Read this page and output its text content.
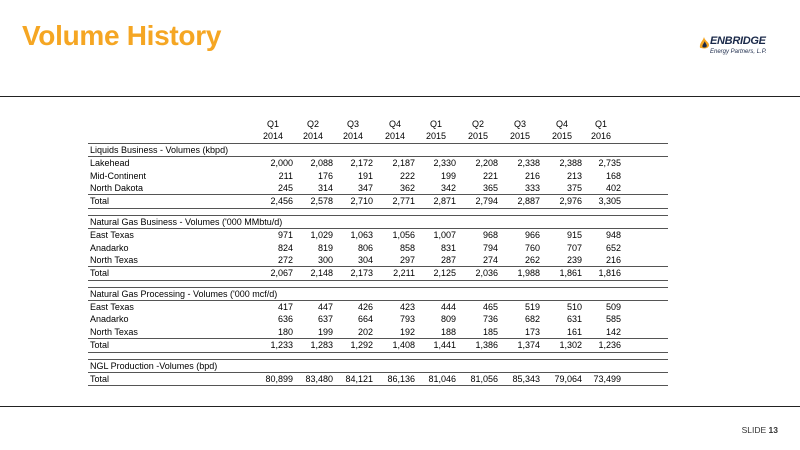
Volume History	ENBRIDGE
Energy Partners, L.P.
Q1	Q2	Q3	Q4	Q1	Q2	Q3	Q4	Q1
2014	2014	2014	2014	2015	2015	2015	2015	2016
Liquids Business - Volumes (kbpd)
Lakehead	2,000	2,088	2,172	2,187	2,330	2,208	2,338	2,388	2,735
Mid-Continent	211	176	191	222	199	221	216	213	168
North Dakota	245	314	347	362	342	365	333	375	402
Total	2,456	2,578	2,710	2,771	2,871	2,794	2,887	2,976	3,305
Natural Gas Business - Volumes ('000 MMbtu/d)
East Texas	971	1,029	1,063	1,056	1,007	968	966	915	948
Anadarko	824	819	806	858	831	794	760	707	652
North Texas	272	300	304	297	287	274	262	239	216
Total	2,067	2,148	2,173	2,211	2,125	2,036	1,988	1,861	1,816
Natural Gas Processing - Volumes ('000 mcf/d)
East Texas	417	447	426	423	444	465	519	510	509
Anadarko	636	637	664	793	809	736	682	631	585
North Texas	180	199	202	192	188	185	173	161	142
Total	1,233	1,283	1,292	1,408	1,441	1,386	1,374	1,302	1,236
NGL Production -Volumes (bpd)
Total	80,899	83,480	84,121	86,136	81,046	81,056	85,343	79,064	73,499
SLIDE 13
